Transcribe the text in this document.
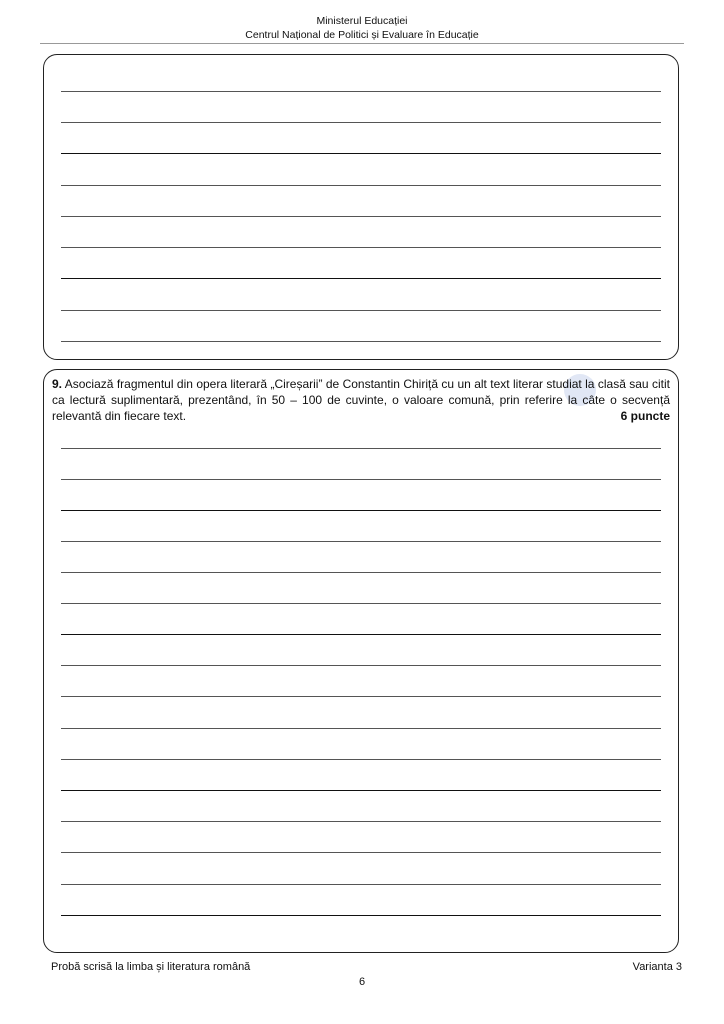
Ministerul Educației
Centrul Național de Politici și Evaluare în Educație
9. Asociază fragmentul din opera literară „Cireșarii” de Constantin Chiriță cu un alt text literar studiat la clasă sau citit ca lectură suplimentară, prezentând, în 50 – 100 de cuvinte, o valoare comună, prin referire la câte o secvență relevantă din fiecare text.	6 puncte
Probă scrisă la limba și literatura română	Varianta 3
6
